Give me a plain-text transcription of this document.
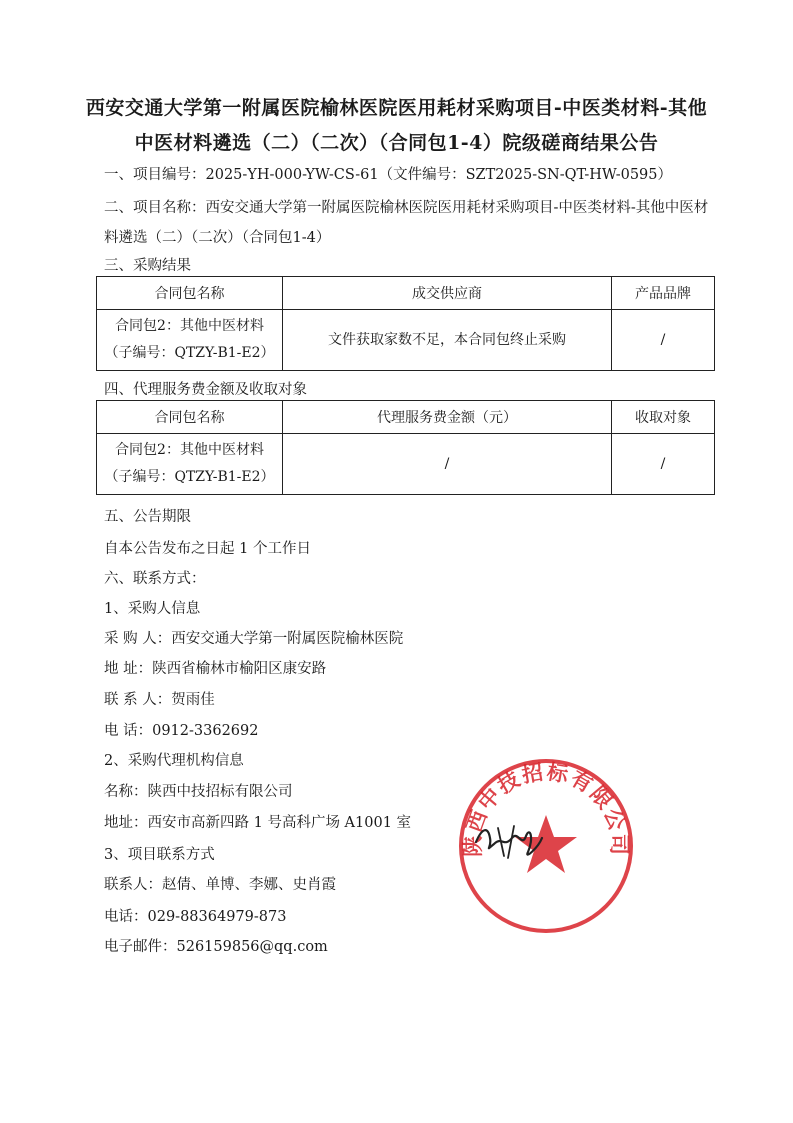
西安交通大学第一附属医院榆林医院医用耗材采购项目-中医类材料-其他
中医材料遴选（二）（二次）（合同包1-4）院级磋商结果公告
一、项目编号：2025-YH-000-YW-CS-61（文件编号：SZT2025-SN-QT-HW-0595）
二、项目名称：西安交通大学第一附属医院榆林医院医用耗材采购项目-中医类材料-其他中医材料遴选（二）（二次）（合同包1-4）
三、采购结果
合同包名称	成交供应商	产品品牌

合同包2：其他中医材料
（子编号：QTZY-B1-E2）	文件获取家数不足，本合同包终止采购	/
四、代理服务费金额及收取对象
合同包名称	代理服务费金额（元）	收取对象

合同包2：其他中医材料
（子编号：QTZY-B1-E2）	/	/
五、公告期限
自本公告发布之日起 1 个工作日
六、联系方式：
1、采购人信息
采 购 人：西安交通大学第一附属医院榆林医院
地 址：陕西省榆林市榆阳区康安路
联 系 人：贺雨佳
电 话：0912-3362692
2、采购代理机构信息
名称：陕西中技招标有限公司
地址：西安市高新四路 1 号高科广场 A1001 室
3、项目联系方式
联系人：赵倩、单博、李娜、史肖霞
电话：029-88364979-873
电子邮件：526159856@qq.com
陕西中技招标有限公司
